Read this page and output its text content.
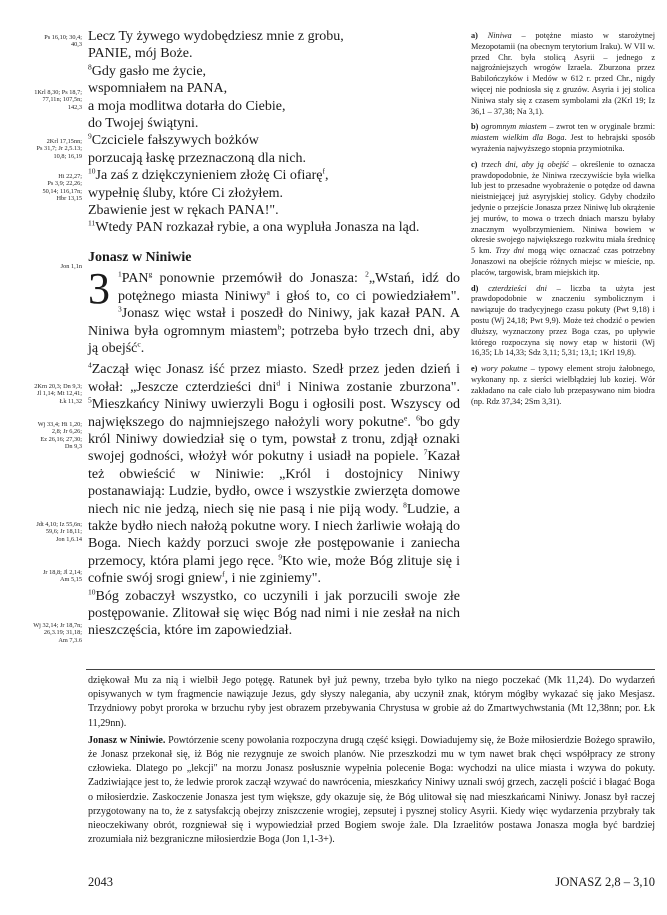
Ps 16,10; 30,4;
40,3
1Krl 8,30; Ps 18,7;
77,11n; 107,5n;
142,3
2Krl 17,15nn;
Ps 31,7; Jr 2,5.13;
10,8; 16,19
Hi 22,27;
Ps 3,9; 22,26;
50,14; 116,17n;
Hbr 13,15
Jon 1,1n
2Krn 20,3; Dn 9,3;
Jl 1,14; Mt 12,41;
Łk 11,32
Wj 33,4; Hi 1,20;
2,8; Jr 6,26;
Ez 26,16; 27,30;
Dn 9,3
Jdt 4,10; Iz 55,6n;
59,6; Jr 18,11;
Jon 1,6.14
Jr 18,8; Jl 2,14;
Am 5,15
Wj 32,14; Jr 18,7n;
26,3.19; 31,18;
Am 7,3.6

Lecz Ty żywego wydobędziesz mnie z grobu,

PANIE, mój Boże.

$^8$Gdy gasło me życie,

wspomniałem na PANA,

a moja modlitwa dotarła do Ciebie,

do Twojej świątyni.

$^9$Czciciele fałszywych bożków

porzucają łaskę przeznaczoną dla nich.

$^{10}$Ja zaś z dziękczynieniem złożę Ci ofiarę$^f$,

wypełnię śluby, które Ci złożyłem.

Zbawienie jest w rękach PANA!".

$^{11}$Wtedy PAN rozkazał rybie, a ona wypluła Jonasza na ląd.

Jonasz w Niniwie

3 $^1$PAN$^g$ ponownie przemówił do Jonasza: $^2$„Wstań, idź do potężnego miasta Niniwy$^a$ i głoś to, co ci powiedziałem". $^3$Jonasz więc wstał i poszedł do Niniwy, jak kazał PAN. A Niniwa była ogromnym miastem$^b$; potrzeba było trzech dni, aby ją obejść$^c$.

$^4$Zaczął więc Jonasz iść przez miasto. Szedł przez jeden dzień i wołał: „Jeszcze czterdzieści dni$^d$ i Niniwa zostanie zburzona". $^5$Mieszkańcy Niniwy uwierzyli Bogu i ogłosili post. Wszyscy od największego do najmniejszego nałożyli wory pokutne$^e$. $^6$bo gdy król Niniwy dowiedział się o tym, powstał z tronu, zdjął oznaki swojej godności, włożył wór pokutny i usiadł na popiele. $^7$Kazał też obwieścić w Niniwie: „Król i dostojnicy Niniwy postanawiają: Ludzie, bydło, owce i wszystkie zwierzęta domowe niech nic nie jedzą, niech się nie pasą i nie piją wody. $^8$Ludzie, a także bydło niech nałożą pokutne wory. I niech żarliwie wołają do Boga. Niech każdy porzuci swoje złe postępowanie i zaniecha przemocy, która plami jego ręce. $^9$Kto wie, może Bóg zlituje się i cofnie swój srogi gniew$^f$, i nie zginiemy".

$^{10}$Bóg zobaczył wszystko, co uczynili i jak porzucili swoje złe postępowanie. Zlitował się więc Bóg nad nimi i nie zesłał na nich nieszczęścia, które im zapowiedział.

a) Niniwa – potężne miasto w starożytnej Mezopotamii (na obecnym terytorium Iraku). W VII w. przed Chr. była stolicą Asyrii – jednego z najgroźniejszych wrogów Izraela. Zburzona przez Babilończyków i Medów w 612 r. przed Chr., nigdy więcej nie podniosła się z gruzów. Asyria i jej stolica Niniwa stały się z czasem symbolami zła (2Krl 19; Iz 36,1 – 37,38; Na 3,1).

b) ogromnym miastem – zwrot ten w oryginale brzmi: miastem wielkim dla Boga. Jest to hebrajski sposób wyrażenia najwyższego stopnia przymiotnika.

c) trzech dni, aby ją obejść – określenie to oznacza prawdopodobnie, że Niniwa rzeczywiście była wielka lub jest to przesadne wyobrażenie o potędze od dawna nieistniejącej już asyryjskiej stolicy. Gdyby chodziło jedynie o przejście Jonasza przez Niniwę lub okrążenie jej murów, to mowa o trzech dniach marszu byłaby znacznym wyolbrzymieniem. Niniwa bowiem w okresie swojego największego rozkwitu miała średnicę 5 km. Trzy dni mogą więc oznaczać czas potrzebny Jonaszowi na obejście różnych miejsc w mieście, np. placów, targowisk, bram miejskich itp.

d) czterdzieści dni – liczba ta użyta jest prawdopodobnie w znaczeniu symbolicznym i nawiązuje do tradycyjnego czasu pokuty (Pwt 9,18) i postu (Wj 24,18; Pwt 9,9). Może też chodzić o pewien dłuższy, wyznaczony przez Boga czas, po upływie którego rozpoczyna się nowy etap w historii (Wj 16,35; Lb 14,33; Sdz 3,11; 5,31; 13,1; 1Krl 19,8).

e) wory pokutne – typowy element stroju żałobnego, wykonany np. z sierści wielbłądziej lub koziej. Wór zakładano na całe ciało lub przepasywano nim biodra (np. Rdz 37,34; 2Sm 3,31).

dziękował Mu za nią i wielbił Jego potęgę. Ratunek był już pewny, trzeba było tylko na niego poczekać (Mk 11,24). Do wydarzeń opisywanych w tym fragmencie nawiązuje Jezus, gdy słyszy nalegania, aby uczynił znak, którym mógłby wykazać się jako Mesjasz. Trzydniowy pobyt proroka w brzuchu ryby jest obrazem przebywania Chrystusa w grobie aż do Zmartwychwstania (Mt 12,38nn; por. Łk 11,29nn).

Jonasz w Niniwie. Powtórzenie sceny powołania rozpoczyna drugą część księgi. Dowiadujemy się, że Boże miłosierdzie Bożego sprawiło, że Jonasz przekonał się, iż Bóg nie rezygnuje ze swoich planów. Nie przeszkodzi mu w tym nawet brak chęci współpracy ze strony człowieka. Dlatego po „lekcji" na morzu Jonasz posłusznie wypełnia polecenie Boga: wychodzi na ulice miasta i wzywa do pokuty. Zadziwiające jest to, że ledwie prorok zaczął wzywać do nawrócenia, mieszkańcy Niniwy uznali swój grzech, zaczęli pościć i błagać Boga o miłosierdzie. Zaskoczenie Jonasza jest tym większe, gdy okazuje się, że Bóg ulitował się nad mieszkańcami Niniwy. Jonasz był raczej przygotowany na to, że z satysfakcją obejrzy zniszczenie wrogiej, zepsutej i pysznej stolicy Asyrii. Kiedy więc wydarzenia przybrały tak nieoczekiwany obrót, rozgniewał się i wypowiedział przed Bogiem swoje żale. Dla Izraelitów postawa Jonasza mogła być bardziej zrozumiała niż bezgraniczne miłosierdzie Boga (Jon 1,1-3+).

2043	JONASZ 2,8 – 3,10
